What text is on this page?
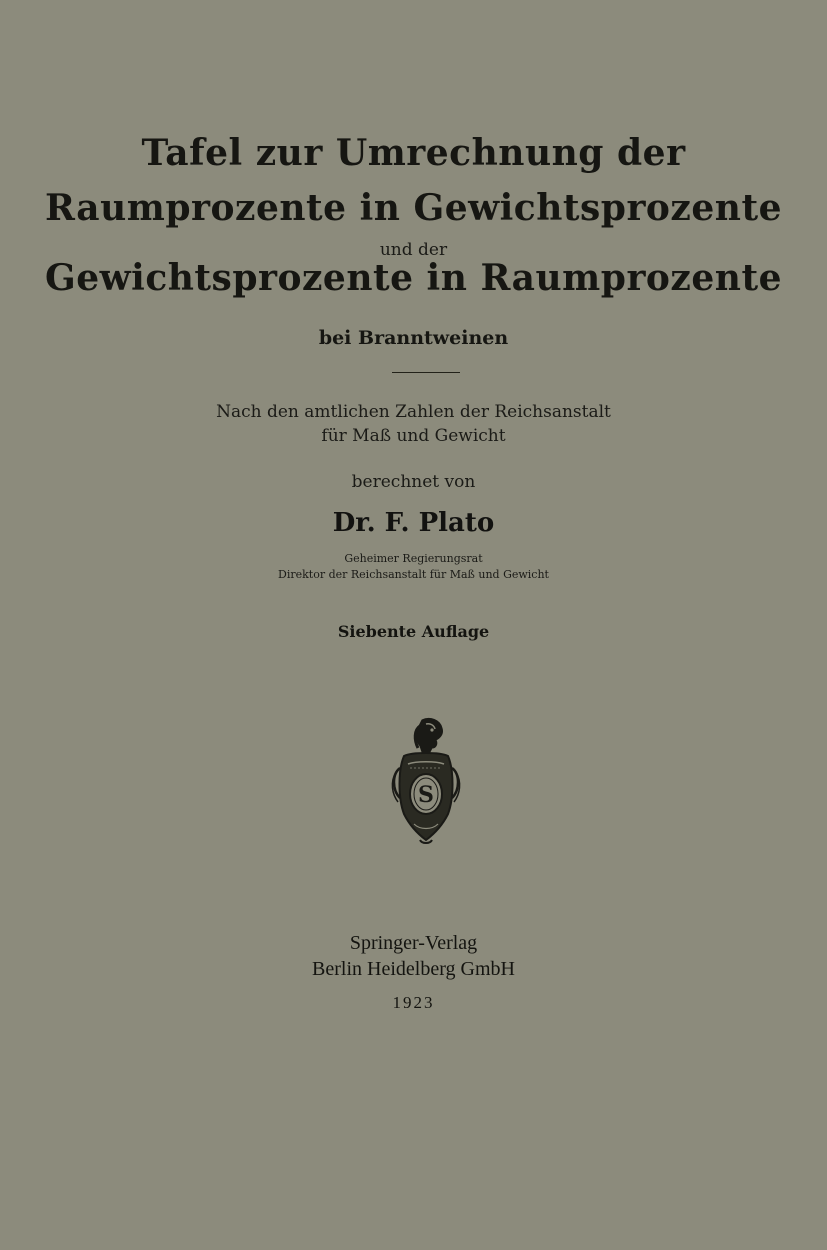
Tafel zur Umrechnung der
Raumprozente in Gewichtsprozente
und der
Gewichtsprozente in Raumprozente
bei Branntweinen
Nach den amtlichen Zahlen der Reichsanstalt
für Maß und Gewicht
berechnet von
Dr. F. Plato
Geheimer Regierungsrat
Direktor der Reichsanstalt für Maß und Gewicht
Siebente Auflage
S
Springer-Verlag
Berlin Heidelberg GmbH
1923
